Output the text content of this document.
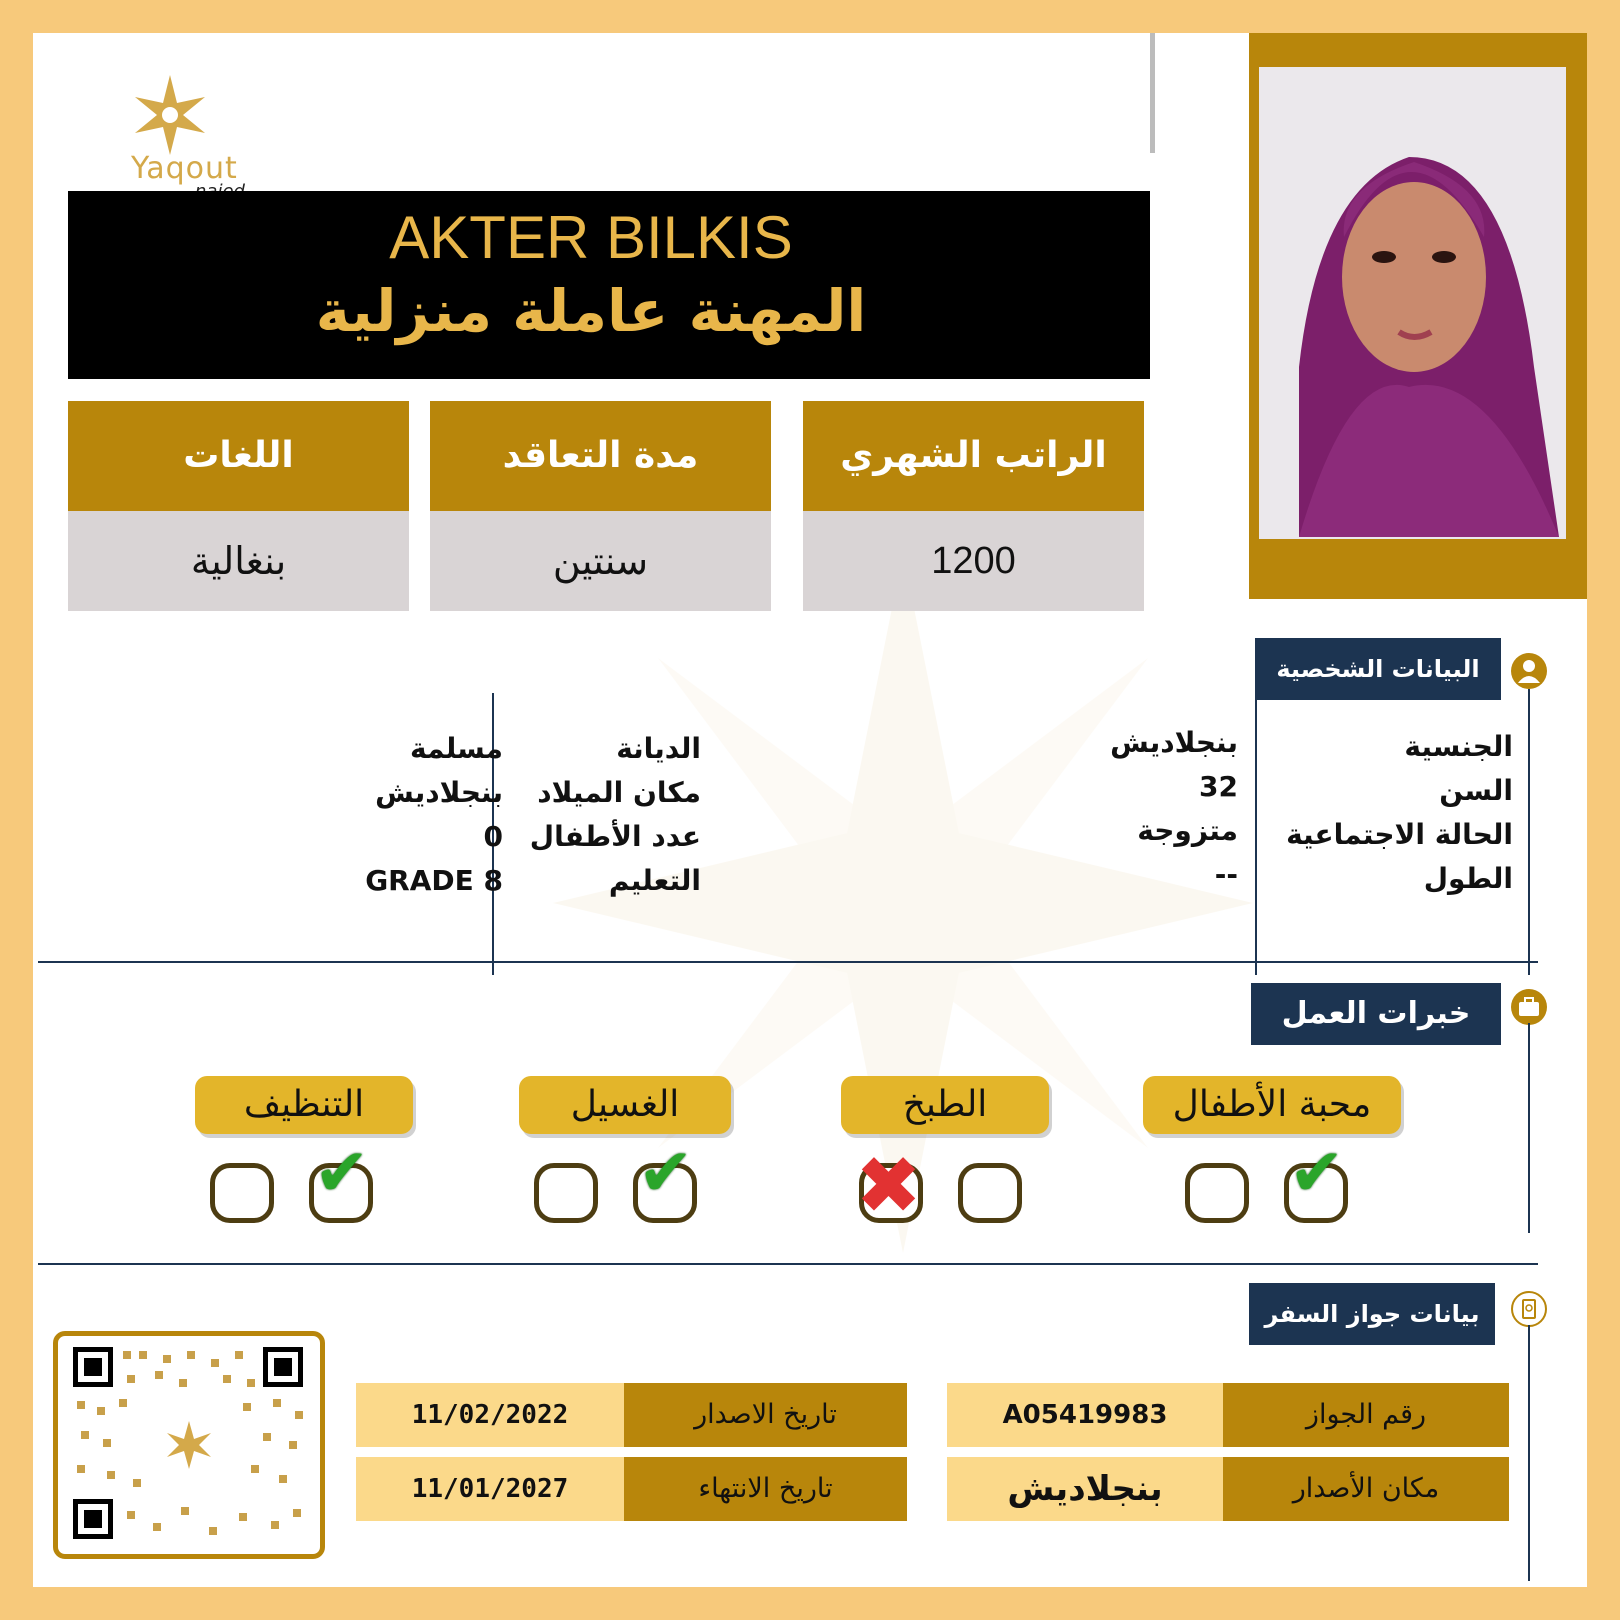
Yaqout
AKTER BILKIS
المهنة عاملة منزلية
الراتب الشهري
1200
مدة التعاقد
سنتين
اللغات
بنغالية
البيانات الشخصية
الجنسية
السن
الحالة الاجتماعية
الطول
بنجلاديش
32
متزوجة
--
الديانة
مكان الميلاد
عدد الأطفال
التعليم
مسلمة
بنجلاديش
0
GRADE 8
خبرات العمل
محبة الأطفال
✔
الطبخ
✖
الغسيل
✔
التنظيف
✔
بيانات جواز السفر
رقم الجواز
A05419983
مكان الأصدار
بنجلاديش
تاريخ الاصدار
11/02/2022
تاريخ الانتهاء
11/01/2027
